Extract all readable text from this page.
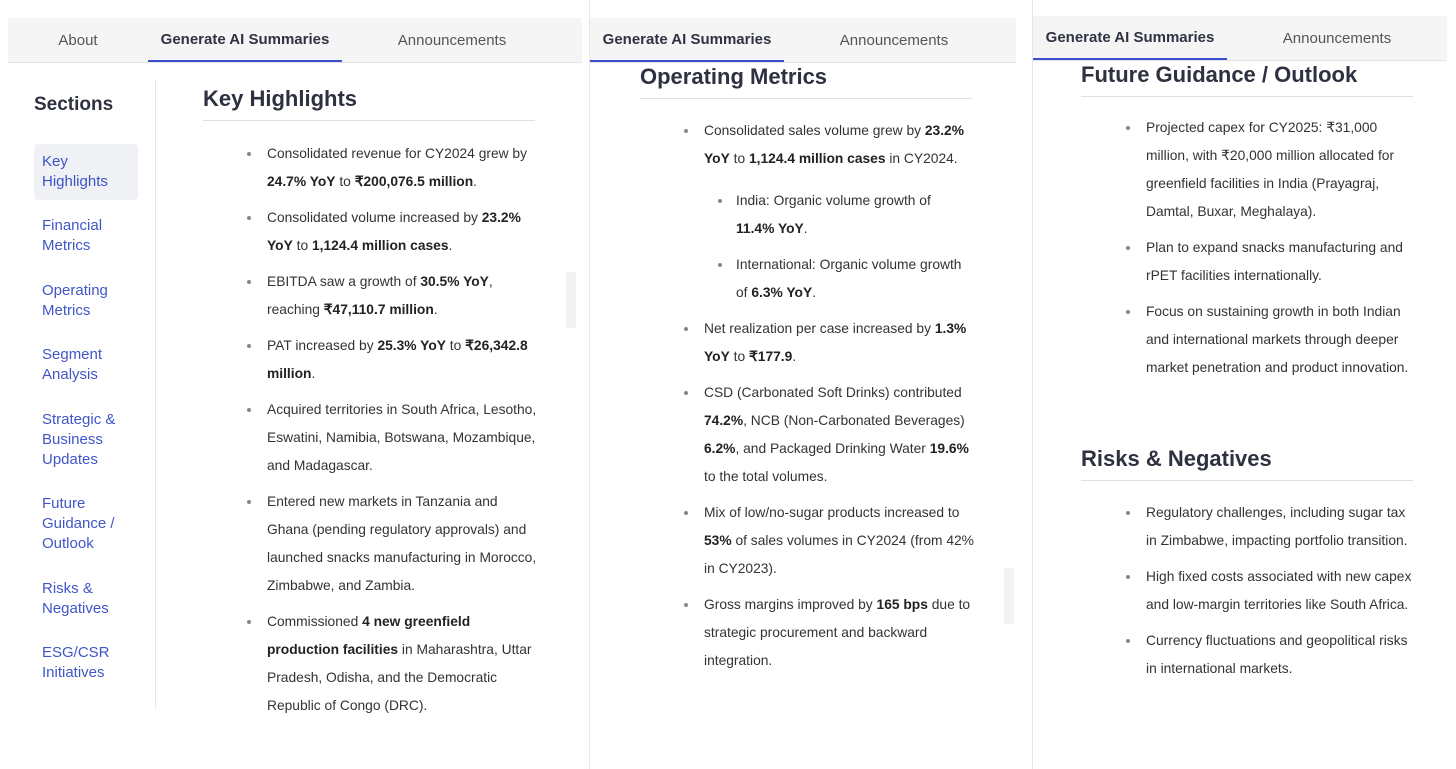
About	Generate AI Summaries	Announcements
Sections
Key Highlights
Financial Metrics
Operating Metrics
Segment Analysis
Strategic & Business Updates
Future Guidance / Outlook
Risks & Negatives
ESG/CSR Initiatives
Key Highlights
Consolidated revenue for CY2024 grew by 24.7% YoY to ₹200,076.5 million.
Consolidated volume increased by 23.2% YoY to 1,124.4 million cases.
EBITDA saw a growth of 30.5% YoY, reaching ₹47,110.7 million.
PAT increased by 25.3% YoY to ₹26,342.8 million.
Acquired territories in South Africa, Lesotho, Eswatini, Namibia, Botswana, Mozambique, and Madagascar.
Entered new markets in Tanzania and Ghana (pending regulatory approvals) and launched snacks manufacturing in Morocco, Zimbabwe, and Zambia.
Commissioned 4 new greenfield production facilities in Maharashtra, Uttar Pradesh, Odisha, and the Democratic Republic of Congo (DRC).
Generate AI Summaries	Announcements
Operating Metrics
Consolidated sales volume grew by 23.2% YoY to 1,124.4 million cases in CY2024.
India: Organic volume growth of 11.4% YoY.
International: Organic volume growth of 6.3% YoY.
Net realization per case increased by 1.3% YoY to ₹177.9.
CSD (Carbonated Soft Drinks) contributed 74.2%, NCB (Non-Carbonated Beverages) 6.2%, and Packaged Drinking Water 19.6% to the total volumes.
Mix of low/no-sugar products increased to 53% of sales volumes in CY2024 (from 42% in CY2023).
Gross margins improved by 165 bps due to strategic procurement and backward integration.
Generate AI Summaries	Announcements
Future Guidance / Outlook
Projected capex for CY2025: ₹31,000 million, with ₹20,000 million allocated for greenfield facilities in India (Prayagraj, Damtal, Buxar, Meghalaya).
Plan to expand snacks manufacturing and rPET facilities internationally.
Focus on sustaining growth in both Indian and international markets through deeper market penetration and product innovation.
Risks & Negatives
Regulatory challenges, including sugar tax in Zimbabwe, impacting portfolio transition.
High fixed costs associated with new capex and low-margin territories like South Africa.
Currency fluctuations and geopolitical risks in international markets.
